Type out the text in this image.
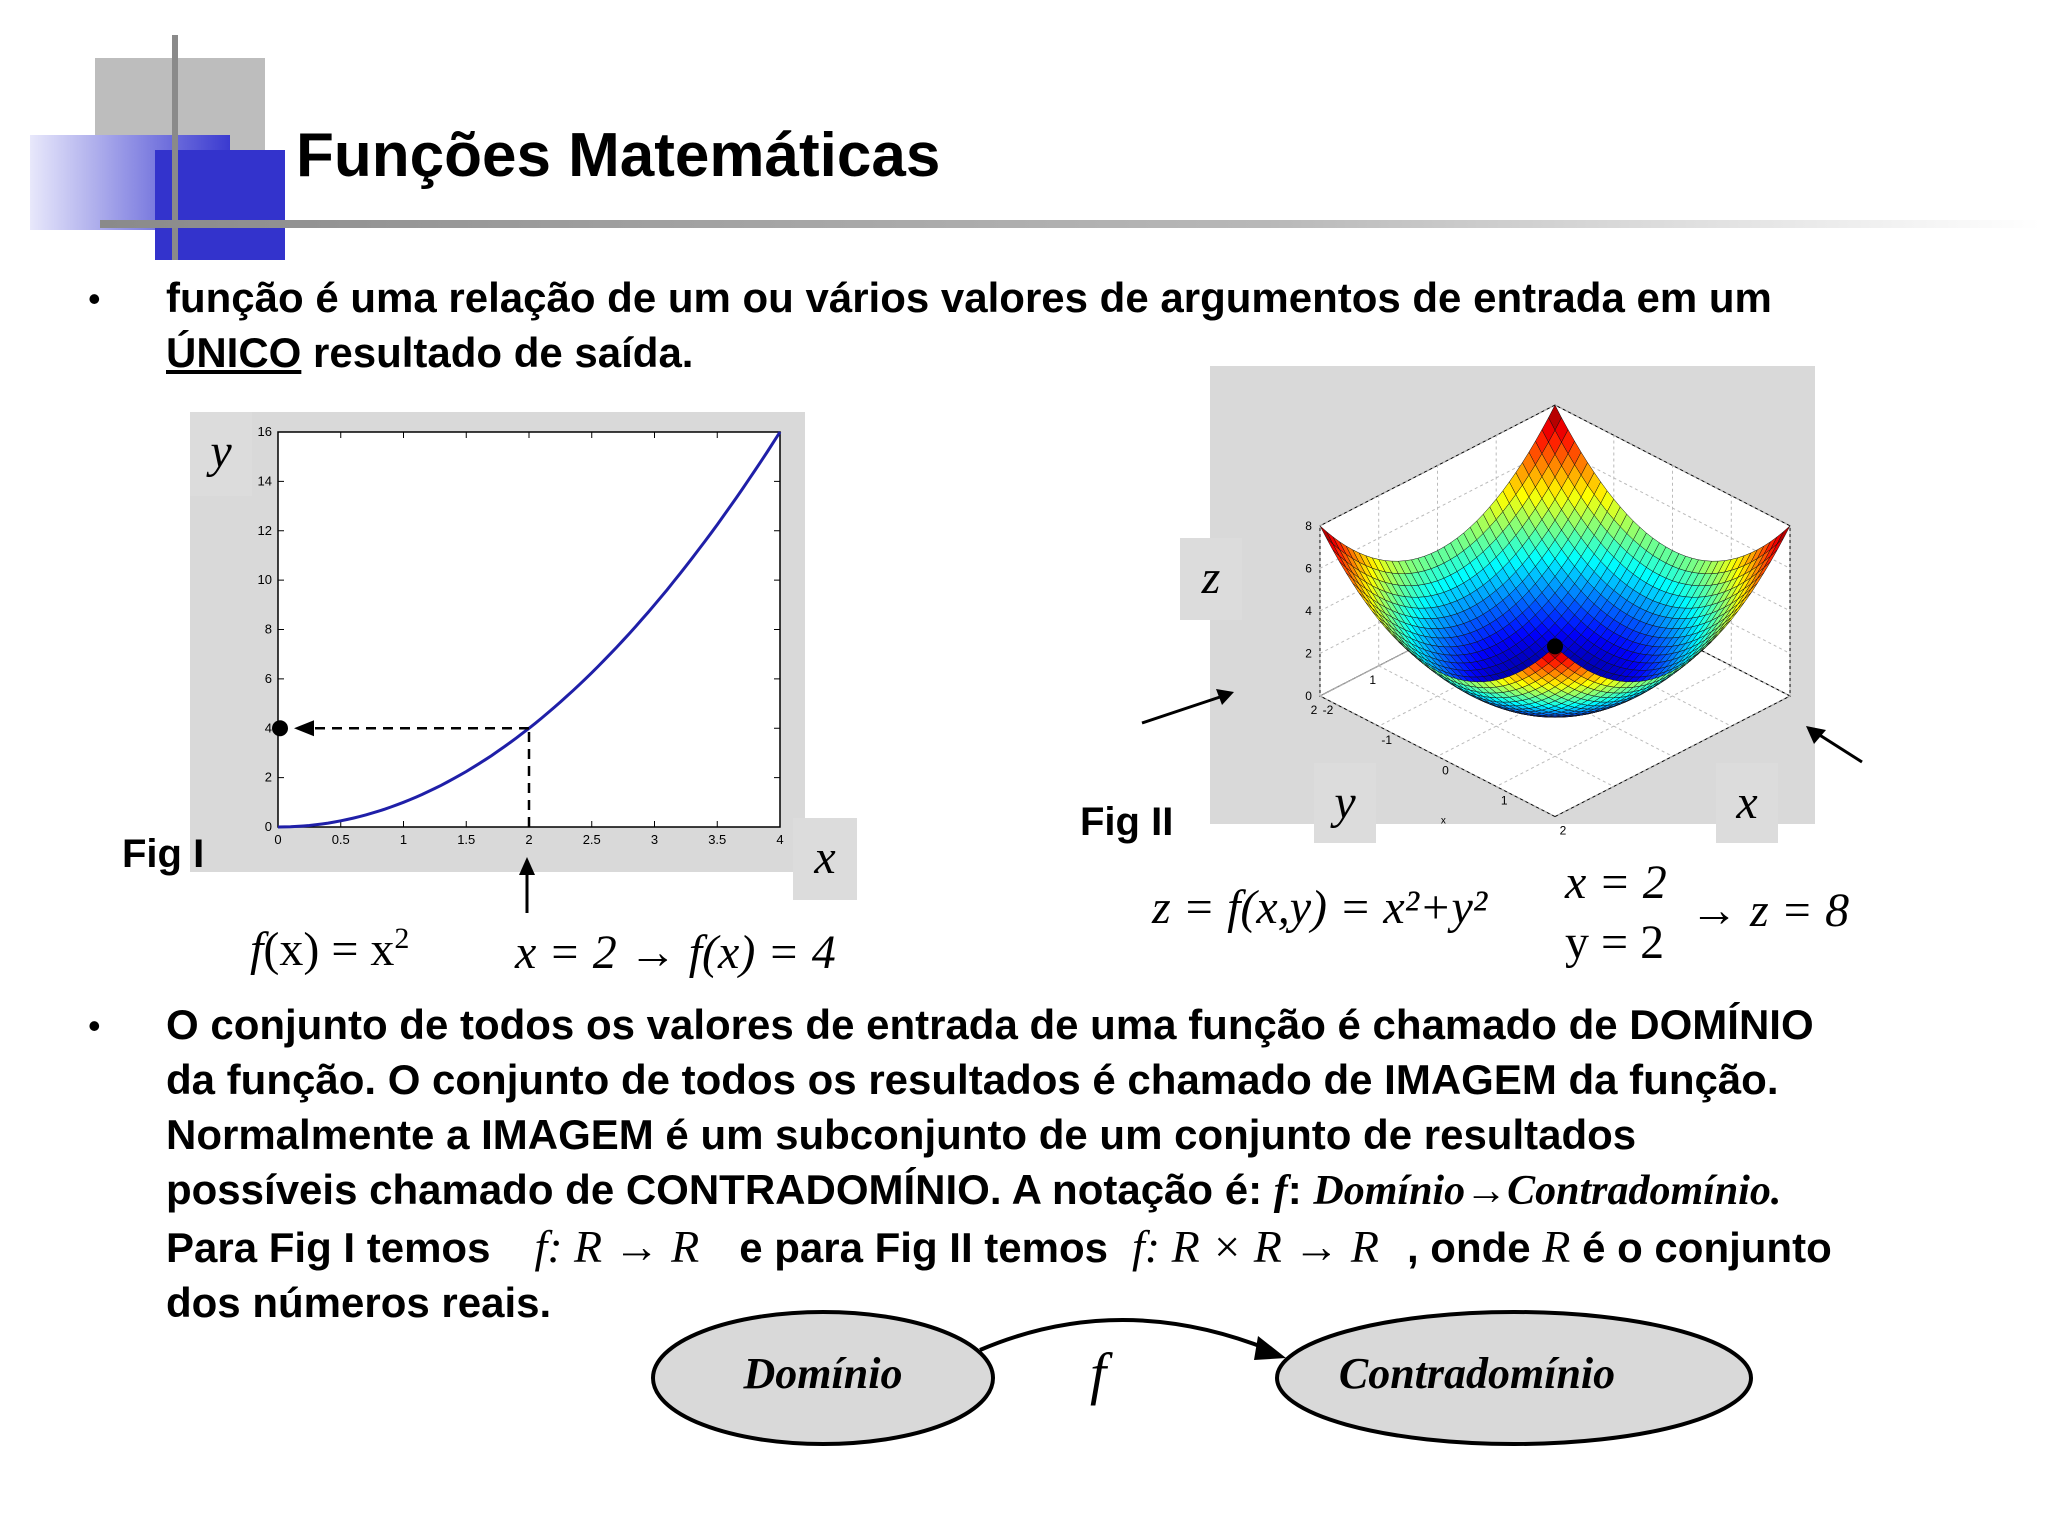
Funções Matemáticas
• função é uma relação de um ou vários valores de argumentos de entrada em um
ÚNICO resultado de saída.
0	0.5	1	1.5	2	2.5	3	3.5	4
0
2
4
6
8
10
12
14
16
y
x
Fig I
$f(x) = x^2$ x = 2 → f(x) = 4
0
2
4
6
8
1
2 -2
-1
0
1
2
x
z
y	x
Fig II
z = f(x,y) = x²+y² x = 2
y = 2
→ z = 8
• O conjunto de todos os valores de entrada de uma função é chamado de DOMÍNIO
da função. O conjunto de todos os resultados é chamado de IMAGEM da função.
Normalmente a IMAGEM é um subconjunto de um conjunto de resultados
possíveis chamado de CONTRADOMÍNIO. A notação é: f: Domínio→Contradomínio.
Para Fig I temos f: R → R e para Fig II temos f: R × R → R , onde R é o conjunto
dos números reais.
Domínio	f	Contradomínio
